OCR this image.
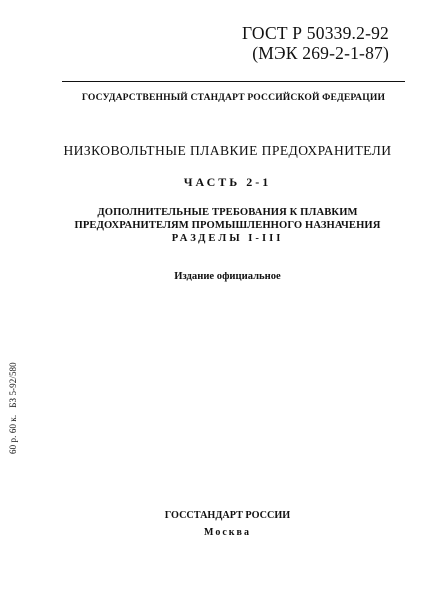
ГОСТ Р 50339.2-92
(МЭК 269-2-1-87)
ГОСУДАРСТВЕННЫЙ СТАНДАРТ РОССИЙСКОЙ ФЕДЕРАЦИИ
НИЗКОВОЛЬТНЫЕ ПЛАВКИЕ ПРЕДОХРАНИТЕЛИ
ЧАСТЬ 2-1
ДОПОЛНИТЕЛЬНЫЕ ТРЕБОВАНИЯ К ПЛАВКИМ
ПРЕДОХРАНИТЕЛЯМ ПРОМЫШЛЕННОГО НАЗНАЧЕНИЯ
РАЗДЕЛЫ I-III
Издание официальное
60 р. 60 к.БЗ 5-92/580
ГОССТАНДАРТ РОССИИ
Москва
